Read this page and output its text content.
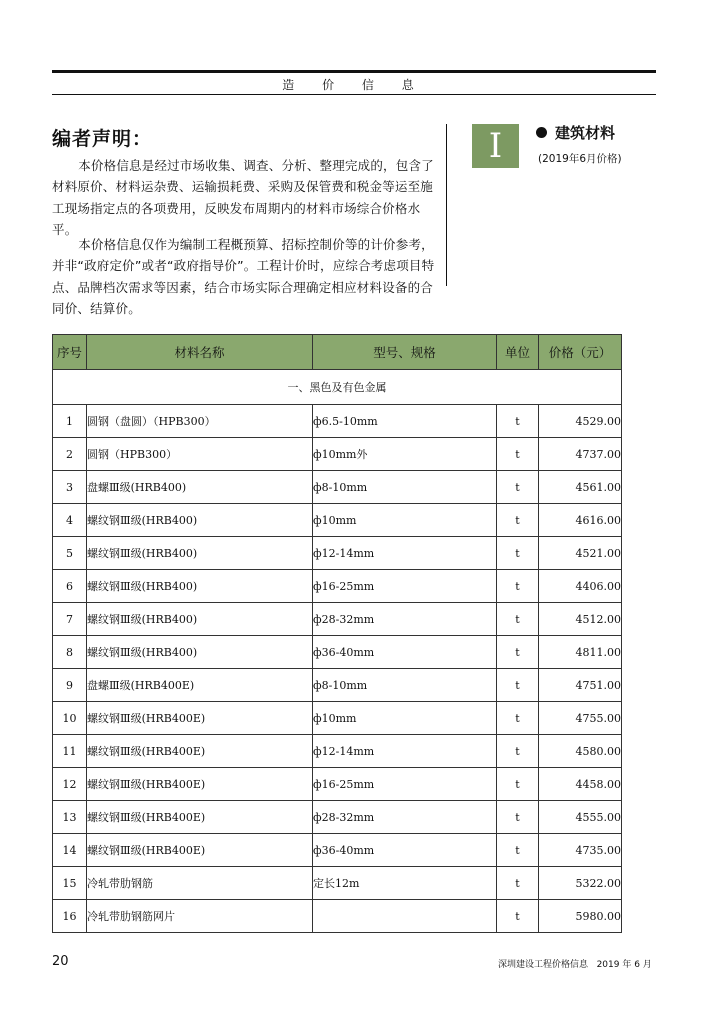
造 价 信 息
编者声明：

本价格信息是经过市场收集、调查、分析、整理完成的，包含了材料原价、材料运杂费、运输损耗费、采购及保管费和税金等运至施工现场指定点的各项费用，反映发布周期内的材料市场综合价格水平。

本价格信息仅作为编制工程概预算、招标控制价等的计价参考，并非“政府定价”或者“政府指导价”。工程计价时，应综合考虑项目特点、品牌档次需求等因素，结合市场实际合理确定相应材料设备的合同价、结算价。

I	建筑材料
(2019年6月价格)
序号	材料名称	型号、规格	单位	价格（元）
一、黑色及有色金属				
1	圆钢（盘圆）（HPB300）	ф6.5-10mm	t	4529.00
2	圆钢（HPB300）	ф10mm外	t	4737.00
3	盘螺Ⅲ级(HRB400)	ф8-10mm	t	4561.00
4	螺纹钢Ⅲ级(HRB400)	ф10mm	t	4616.00
5	螺纹钢Ⅲ级(HRB400)	ф12-14mm	t	4521.00
6	螺纹钢Ⅲ级(HRB400)	ф16-25mm	t	4406.00
7	螺纹钢Ⅲ级(HRB400)	ф28-32mm	t	4512.00
8	螺纹钢Ⅲ级(HRB400)	ф36-40mm	t	4811.00
9	盘螺Ⅲ级(HRB400E)	ф8-10mm	t	4751.00
10	螺纹钢Ⅲ级(HRB400E)	ф10mm	t	4755.00
11	螺纹钢Ⅲ级(HRB400E)	ф12-14mm	t	4580.00
12	螺纹钢Ⅲ级(HRB400E)	ф16-25mm	t	4458.00
13	螺纹钢Ⅲ级(HRB400E)	ф28-32mm	t	4555.00
14	螺纹钢Ⅲ级(HRB400E)	ф36-40mm	t	4735.00
15	冷轧带肋钢筋	定长12m	t	5322.00
16	冷轧带肋钢筋网片		t	5980.00
20	深圳建设工程价格信息   2019 年 6 月
